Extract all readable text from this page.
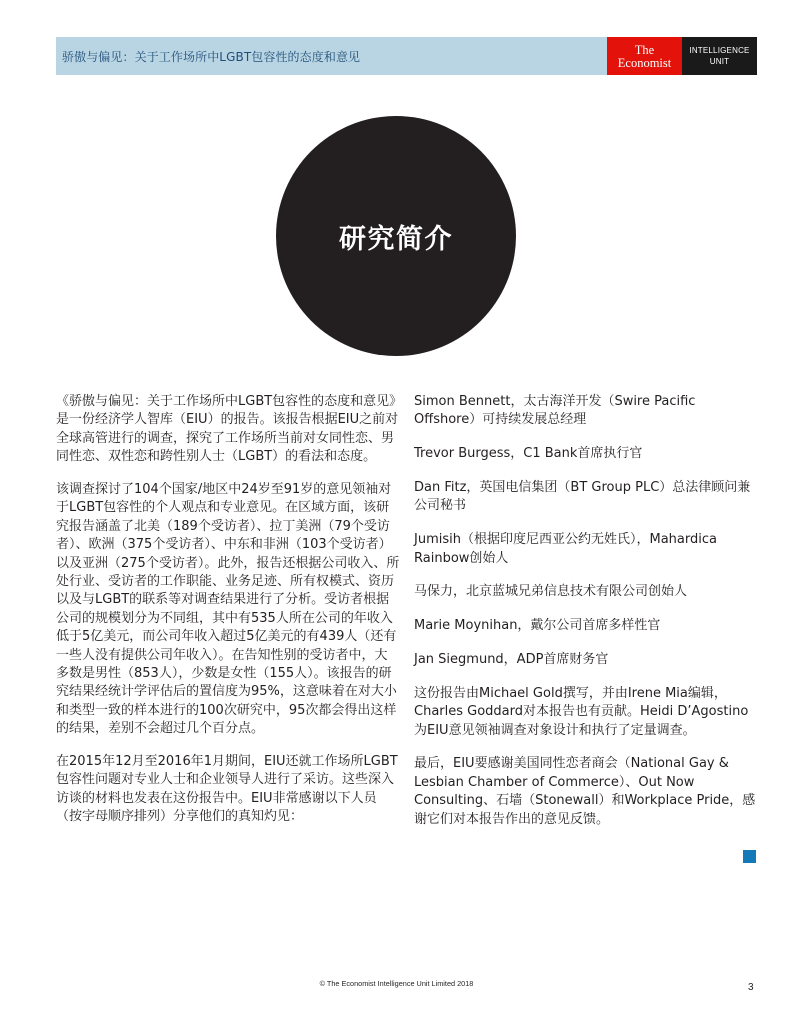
骄傲与偏见：关于工作场所中LGBT包容性的态度和意见	The
Economist
INTELLIGENCE
UNIT
研究简介

《骄傲与偏见：关于工作场所中LGBT包容性的态度和意见》是一份经济学人智库（EIU）的报告。该报告根据EIU之前对全球高管进行的调查，探究了工作场所当前对女同性恋、男同性恋、双性恋和跨性别人士（LGBT）的看法和态度。

该调查探讨了104个国家/地区中24岁至91岁的意见领袖对于LGBT包容性的个人观点和专业意见。在区域方面，该研究报告涵盖了北美（189个受访者）、拉丁美洲（79个受访者）、欧洲（375个受访者）、中东和非洲（103个受访者）以及亚洲（275个受访者）。此外，报告还根据公司收入、所处行业、受访者的工作职能、业务足迹、所有权模式、资历以及与LGBT的联系等对调查结果进行了分析。受访者根据公司的规模划分为不同组，其中有535人所在公司的年收入低于5亿美元，而公司年收入超过5亿美元的有439人（还有一些人没有提供公司年收入）。在告知性别的受访者中，大多数是男性（853人），少数是女性（155人）。该报告的研究结果经统计学评估后的置信度为95%，这意味着在对大小和类型一致的样本进行的100次研究中，95次都会得出这样的结果，差别不会超过几个百分点。

在2015年12月至2016年1月期间，EIU还就工作场所LGBT包容性问题对专业人士和企业领导人进行了采访。这些深入访谈的材料也发表在这份报告中。EIU非常感谢以下人员（按字母顺序排列）分享他们的真知灼见：

Simon Bennett，太古海洋开发（Swire Pacific Offshore）可持续发展总经理

Trevor Burgess，C1 Bank首席执行官

Dan Fitz，英国电信集团（BT Group PLC）总法律顾问兼公司秘书

Jumisih（根据印度尼西亚公约无姓氏），Mahardica Rainbow创始人

马保力，北京蓝城兄弟信息技术有限公司创始人

Marie Moynihan，戴尔公司首席多样性官

Jan Siegmund，ADP首席财务官

这份报告由Michael Gold撰写，并由Irene Mia编辑，Charles Goddard对本报告也有贡献。Heidi D’Agostino为EIU意见领袖调查对象设计和执行了定量调查。

最后，EIU要感谢美国同性恋者商会（National Gay & Lesbian Chamber of Commerce）、Out Now Consulting、石墙（Stonewall）和Workplace Pride，感谢它们对本报告作出的意见反馈。

© The Economist Intelligence Unit Limited 2018	3
